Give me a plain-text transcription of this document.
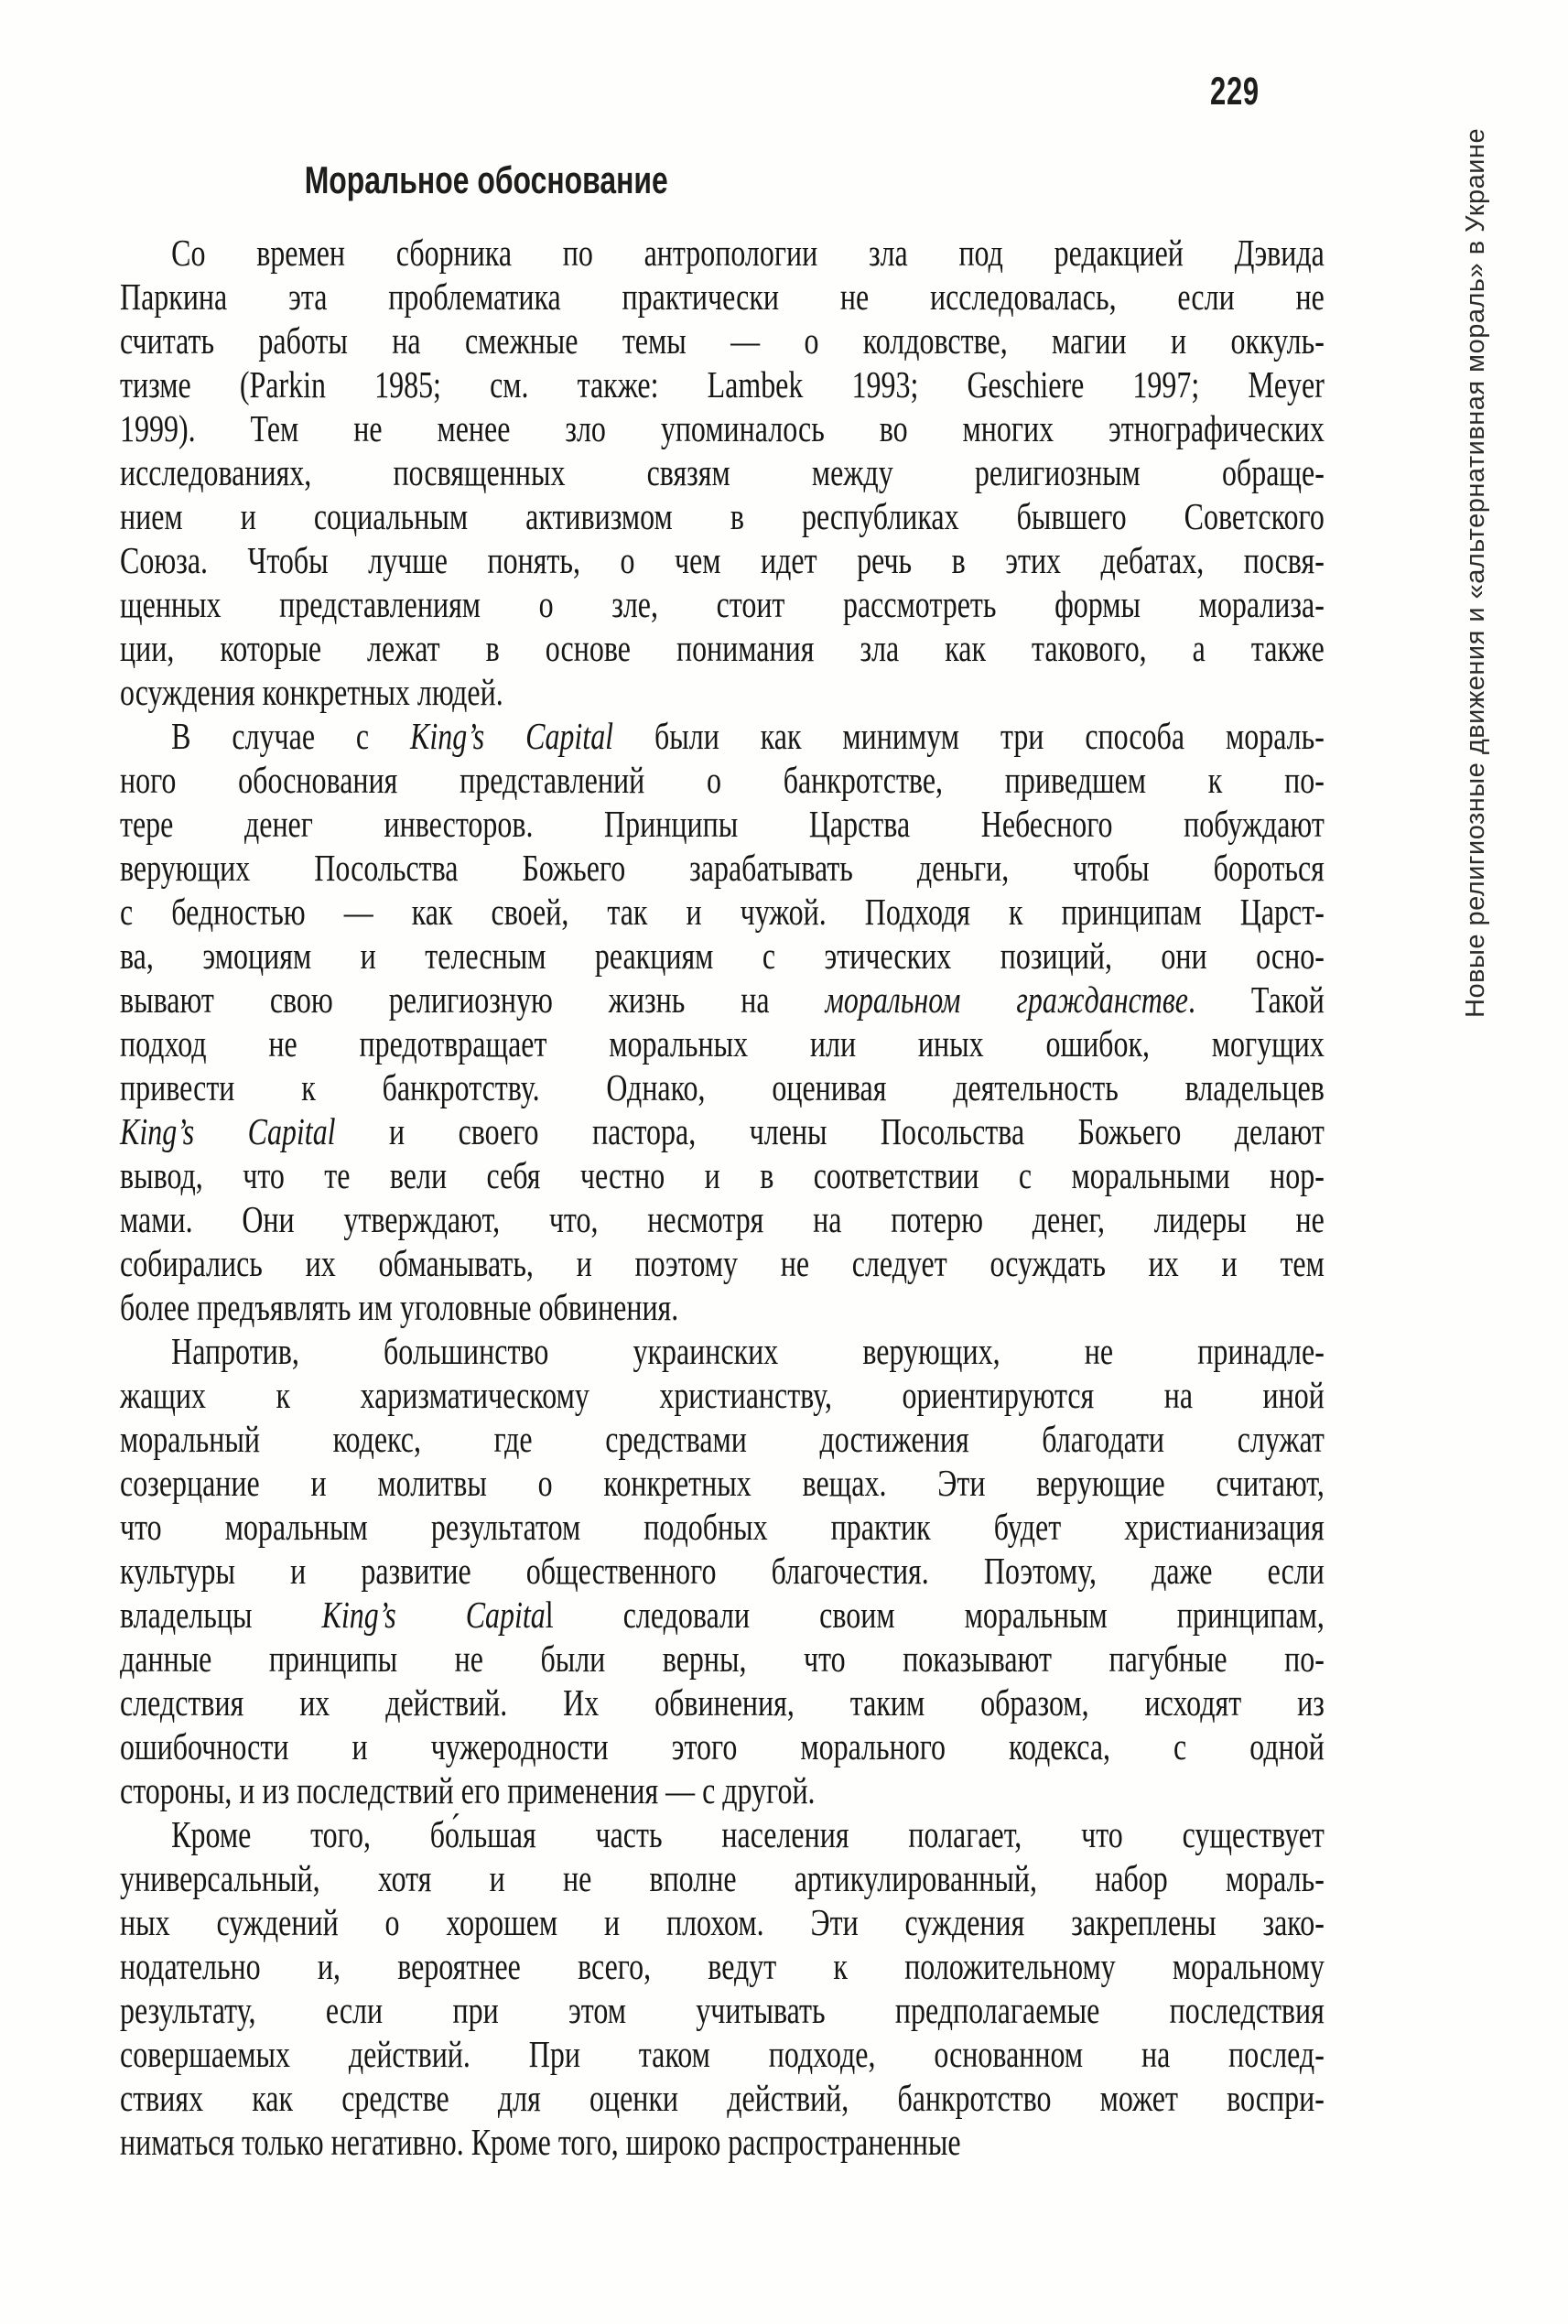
229
Новые религиозные движения и «альтернативная мораль» в Украине
Моральное обоснование
Со времен сборника по антропологии зла под редакцией Дэвида
Паркина эта проблематика практически не исследовалась, если не
считать работы на смежные темы — о колдовстве, магии и оккуль-
тизме (Parkin 1985; см. также: Lambek 1993; Geschiere 1997; Meyer
1999). Тем не менее зло упоминалось во многих этнографических
исследованиях, посвященных связям между религиозным обраще-
нием и социальным активизмом в республиках бывшего Советского
Союза. Чтобы лучше понять, о чем идет речь в этих дебатах, посвя-
щенных представлениям о зле, стоит рассмотреть формы морализа-
ции, которые лежат в основе понимания зла как такового, а также
осуждения конкретных людей.
В случае с King’s Capital были как минимум три способа мораль-
ного обоснования представлений о банкротстве, приведшем к по-
тере денег инвесторов. Принципы Царства Небесного побуждают
верующих Посольства Божьего зарабатывать деньги, чтобы бороться
с бедностью — как своей, так и чужой. Подходя к принципам Царст-
ва, эмоциям и телесным реакциям с этических позиций, они осно-
вывают свою религиозную жизнь на моральном гражданстве. Такой
подход не предотвращает моральных или иных ошибок, могущих
привести к банкротству. Однако, оценивая деятельность владельцев
King’s Capital и своего пастора, члены Посольства Божьего делают
вывод, что те вели себя честно и в соответствии с моральными нор-
мами. Они утверждают, что, несмотря на потерю денег, лидеры не
собирались их обманывать, и поэтому не следует осуждать их и тем
более предъявлять им уголовные обвинения.
Напротив, большинство украинских верующих, не принадле-
жащих к харизматическому христианству, ориентируются на иной
моральный кодекс, где средствами достижения благодати служат
созерцание и молитвы о конкретных вещах. Эти верующие считают,
что моральным результатом подобных практик будет христианизация
культуры и развитие общественного благочестия. Поэтому, даже если
владельцы King’s Capital следовали своим моральным принципам,
данные принципы не были верны, что показывают пагубные по-
следствия их действий. Их обвинения, таким образом, исходят из
ошибочности и чужеродности этого морального кодекса, с одной
стороны, и из последствий его применения — с другой.
Кроме того, бо́льшая часть населения полагает, что существует
универсальный, хотя и не вполне артикулированный, набор мораль-
ных суждений о хорошем и плохом. Эти суждения закреплены зако-
нодательно и, вероятнее всего, ведут к положительному моральному
результату, если при этом учитывать предполагаемые последствия
совершаемых действий. При таком подходе, основанном на послед-
ствиях как средстве для оценки действий, банкротство может воспри-
ниматься только негативно. Кроме того, широко распространенные
